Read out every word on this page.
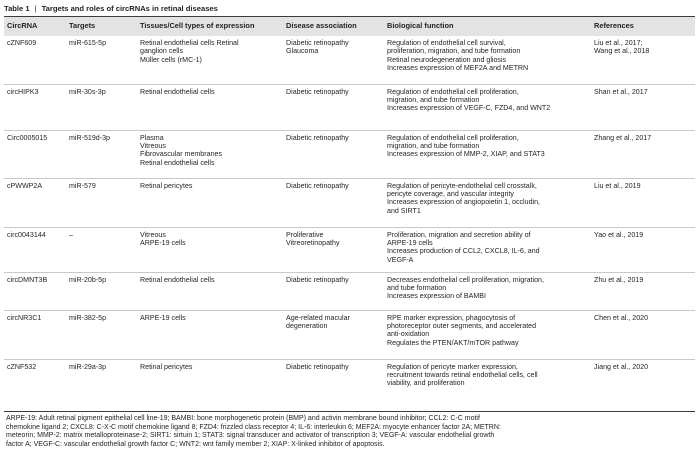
Table 1 | Targets and roles of circRNAs in retinal diseases
CircRNA	Targets	Tissues/Cell types of expression	Disease association	Biological function	References
cZNF609	miR-615-5p	Retinal endothelial cells Retinal
ganglion cells
Müller cells (rMC-1)	Diabetic retinopathy
Glaucoma	Regulation of endothelial cell survival,
proliferation, migration, and tube formation
Retinal neurodegeneration and gliosis
Increases expression of MEF2A and METRN	Liu et al., 2017;
Wang et al., 2018

circHIPK3	miR-30s-3p	Retinal endothelial cells	Diabetic retinopathy	Regulation of endothelial cell proliferation,
migration, and tube formation
Increases expression of VEGF-C, FZD4, and WNT2	Shan et al., 2017

Circ0005015	miR-519d-3p	Plasma
Vitreous
Fibrovascular membranes
Retinal endothelial cells	Diabetic retinopathy	Regulation of endothelial cell proliferation,
migration, and tube formation
Increases expression of MMP-2, XIAP, and STAT3	Zhang et al., 2017

cPWWP2A	miR-579	Retinal pericytes	Diabetic retinopathy	Regulation of pericyte-endothelial cell crosstalk,
pericyte coverage, and vascular integrity
Increases expression of angiopoietin 1, occludin,
and SIRT1	Liu et al., 2019

circ0043144	–	Vitreous
ARPE-19 cells	Proliferative
Vitreoretinopathy	Proliferation, migration and secretion ability of
ARPE-19 cells
Increases production of CCL2, CXCL8, IL-6, and
VEGF-A	Yao et al., 2019

circDMNT3B	miR-20b-5p	Retinal endothelial cells	Diabetic retinopathy	Decreases endothelial cell proliferation, migration,
and tube formation
Increases expression of BAMBI	Zhu et al., 2019

circNR3C1	miR-382-5p	ARPE-19 cells	Age-related macular
degeneration	RPE marker expression, phagocytosis of
photoreceptor outer segments, and accelerated
anti-oxidation
Regulates the PTEN/AKT/mTOR pathway	Chen et al., 2020

cZNF532	miR-29a-3p	Retinal pericytes	Diabetic retinopathy	Regulation of pericyte marker expression,
recruitment towards retinal endothelial cells, cell
viability, and proliferation	Jiang et al., 2020
ARPE-19: Adult retinal pigment epithelial cell line-19; BAMBI: bone morphogenetic protein (BMP) and activin membrane bound inhibitor; CCL2: C-C motif
chemokine ligand 2; CXCL8: C-X-C motif chemokine ligand 8; FZD4: frizzled class receptor 4; IL-6: interleukin 6; MEF2A: myocyte enhancer factor 2A; METRN:
meteorin; MMP-2: matrix metalloproteinase-2; SIRT1: sirtuin 1; STAT3: signal transducer and activator of transcription 3; VEGF-A: vascular endothelial growth
factor A; VEGF-C: vascular endothelial growth factor C; WNT2: wnt family member 2; XIAP: X-linked inhibitor of apoptosis.
